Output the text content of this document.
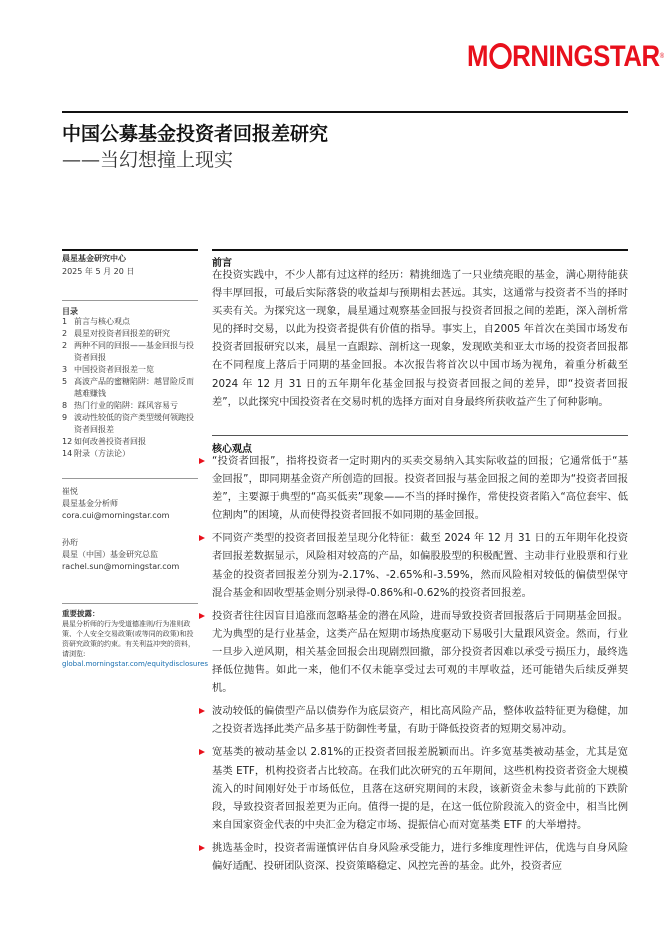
M RNINGSTAR®
中国公募基金投资者回报差研究
——当幻想撞上现实
晨星基金研究中心
2025 年 5 月 20 日
目录
1 前言与核心观点
2 晨星对投资者回报差的研究
2 两种不同的回报——基金回报与投资者回报
3 中国投资者回报差一览
5 高波产品的蜜糖陷阱：越冒险反而越难赚钱
8 热门行业的陷阱：踩风容易亏
9 波动性较低的资产类型缓何领跑投资者回报差
12 如何改善投资者回报
14 附录（方法论）
崔悦
晨星基金分析师
cora.cui@morningstar.com
孙珩
晨星（中国）基金研究总监
rachel.sun@morningstar.com
重要披露：
晨星分析师的行为受道德准则/行为准则政策、个人安全交易政策(或等同的政策)和投资研究政策的约束。有关利益冲突的资料，请浏览:
global.morningstar.com/equitydisclosures
前言

在投资实践中，不少人都有过这样的经历：精挑细选了一只业绩亮眼的基金，满心期待能获得丰厚回报，可最后实际落袋的收益却与预期相去甚远。其实，这通常与投资者不当的择时买卖有关。为探究这一现象，晨星通过观察基金回报与投资者回报之间的差距，深入剖析常见的择时交易，以此为投资者提供有价值的指导。事实上，自2005 年首次在美国市场发布投资者回报研究以来，晨星一直跟踪、剖析这一现象，发现欧美和亚太市场的投资者回报都在不同程度上落后于同期的基金回报。本次报告将首次以中国市场为视角，着重分析截至 2024 年 12 月 31 日的五年期年化基金回报与投资者回报之间的差异，即“投资者回报差”，以此探究中国投资者在交易时机的选择方面对自身最终所获收益产生了何种影响。

核心观点
“投资者回报”，指将投资者一定时期内的买卖交易纳入其实际收益的回报；它通常低于“基金回报”，即同期基金资产所创造的回报。投资者回报与基金回报之间的差即为“投资者回报差”，主要源于典型的“高买低卖”现象——不当的择时操作，常使投资者陷入“高位套牢、低位割肉”的困境，从而使得投资者回报不如同期的基金回报。
不同资产类型的投资者回报差呈现分化特征：截至 2024 年 12 月 31 日的五年期年化投资者回报差数据显示，风险相对较高的产品，如偏股股型的积极配置、主动非行业股票和行业基金的投资者回报差分别为-2.17%、-2.65%和-3.59%，然而风险相对较低的偏债型保守混合基金和固收型基金则分别录得-0.86%和-0.62%的投资者回报差。
投资者往往因盲目追涨而忽略基金的潜在风险，进而导致投资者回报落后于同期基金回报。尤为典型的是行业基金，这类产品在短期市场热度驱动下易吸引大量跟风资金。然而，行业一旦步入逆风期，相关基金回报会出现剧烈回撤，部分投资者因难以承受亏损压力，最终选择低位抛售。如此一来，他们不仅未能享受过去可观的丰厚收益，还可能错失后续反弹契机。
波动较低的偏债型产品以债券作为底层资产，相比高风险产品，整体收益特征更为稳健，加之投资者选择此类产品多基于防御性考量，有助于降低投资者的短期交易冲动。
宽基类的被动基金以 2.81%的正投资者回报差脱颖而出。许多宽基类被动基金，尤其是宽基类 ETF，机构投资者占比较高。在我们此次研究的五年期间，这些机构投资者资金大规模流入的时间刚好处于市场低位，且落在这研究期间的末段，该新资金未参与此前的下跌阶段，导致投资者回报差更为正向。值得一提的是，在这一低位阶段流入的资金中，相当比例来自国家资金代表的中央汇金为稳定市场、提振信心而对宽基类 ETF 的大举增持。
挑选基金时，投资者需谨慎评估自身风险承受能力，进行多维度理性评估，优选与自身风险偏好适配、投研团队资深、投资策略稳定、风控完善的基金。此外，投资者应
